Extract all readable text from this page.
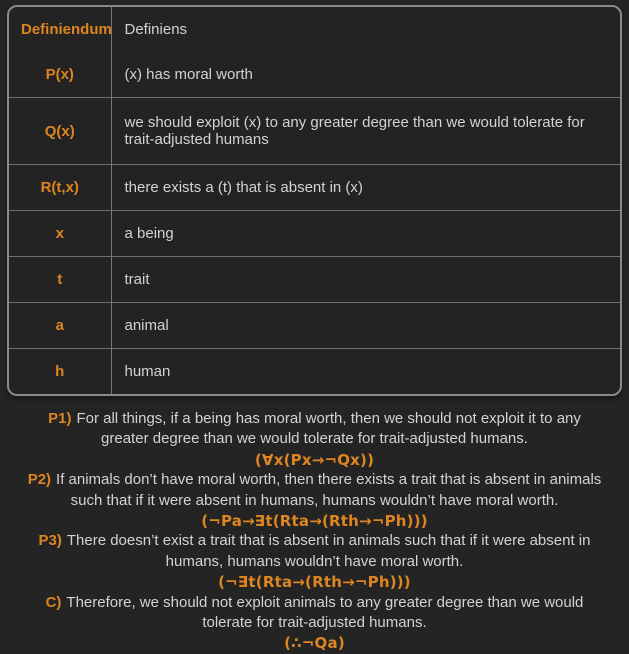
Definiendum	Definiens
P(x)	(x) has moral worth
Q(x)	we should exploit (x) to any greater degree than we would tolerate for trait-adjusted humans
R(t,x)	there exists a (t) that is absent in (x)
x	a being
t	trait
a	animal
h	human

P1) For all things, if a being has moral worth, then we should not exploit it to any greater degree than we would tolerate for trait-adjusted humans.

(∀x(Px→¬Qx))

P2) If animals don’t have moral worth, then there exists a trait that is absent in animals such that if it were absent in humans, humans wouldn’t have moral worth.

(¬Pa→∃t(Rta→(Rth→¬Ph)))

P3) There doesn’t exist a trait that is absent in animals such that if it were absent in humans, humans wouldn’t have moral worth.

(¬∃t(Rta→(Rth→¬Ph)))

C) Therefore, we should not exploit animals to any greater degree than we would tolerate for trait-adjusted humans.

(∴¬Qa)
